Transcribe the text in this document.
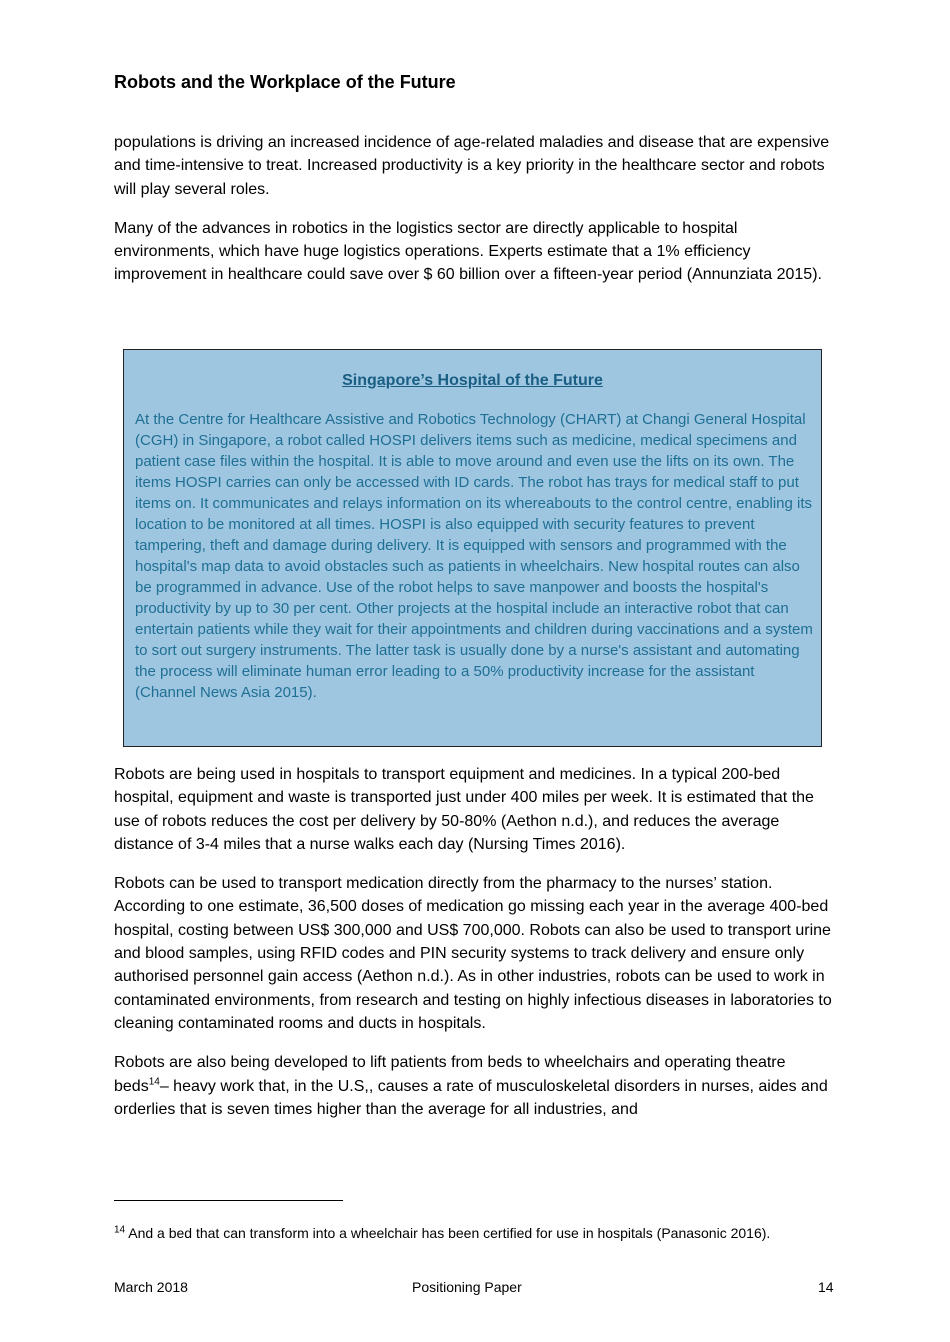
Robots and the Workplace of the Future

populations is driving an increased incidence of age-related maladies and disease that are expensive and time-intensive to treat. Increased productivity is a key priority in the healthcare sector and robots will play several roles.

Many of the advances in robotics in the logistics sector are directly applicable to hospital environments, which have huge logistics operations. Experts estimate that a 1% efficiency improvement in healthcare could save over $ 60 billion over a fifteen-year period (Annunziata 2015).

Singapore’s Hospital of the Future
At the Centre for Healthcare Assistive and Robotics Technology (CHART) at Changi General Hospital (CGH) in Singapore, a robot called HOSPI delivers items such as medicine, medical specimens and patient case files within the hospital. It is able to move around and even use the lifts on its own. The items HOSPI carries can only be accessed with ID cards. The robot has trays for medical staff to put items on. It communicates and relays information on its whereabouts to the control centre, enabling its location to be monitored at all times. HOSPI is also equipped with security features to prevent tampering, theft and damage during delivery. It is equipped with sensors and programmed with the hospital's map data to avoid obstacles such as patients in wheelchairs. New hospital routes can also be programmed in advance. Use of the robot helps to save manpower and boosts the hospital's productivity by up to 30 per cent. Other projects at the hospital include an interactive robot that can entertain patients while they wait for their appointments and children during vaccinations and a system to sort out surgery instruments. The latter task is usually done by a nurse's assistant and automating the process will eliminate human error leading to a 50% productivity increase for the assistant (Channel News Asia 2015).

Robots are being used in hospitals to transport equipment and medicines. In a typical 200-bed hospital, equipment and waste is transported just under 400 miles per week. It is estimated that the use of robots reduces the cost per delivery by 50-80% (Aethon n.d.), and reduces the average distance of 3-4 miles that a nurse walks each day (Nursing Times 2016).

Robots can be used to transport medication directly from the pharmacy to the nurses’ station. According to one estimate, 36,500 doses of medication go missing each year in the average 400-bed hospital, costing between US$ 300,000 and US$ 700,000. Robots can also be used to transport urine and blood samples, using RFID codes and PIN security systems to track delivery and ensure only authorised personnel gain access (Aethon n.d.). As in other industries, robots can be used to work in contaminated environments, from research and testing on highly infectious diseases in laboratories to cleaning contaminated rooms and ducts in hospitals.

Robots are also being developed to lift patients from beds to wheelchairs and operating theatre beds$^{14}$– heavy work that, in the U.S,, causes a rate of musculoskeletal disorders in nurses, aides and orderlies that is seven times higher than the average for all industries, and

$^{14}$ And a bed that can transform into a wheelchair has been certified for use in hospitals (Panasonic 2016).
March 2018	Positioning Paper	14
